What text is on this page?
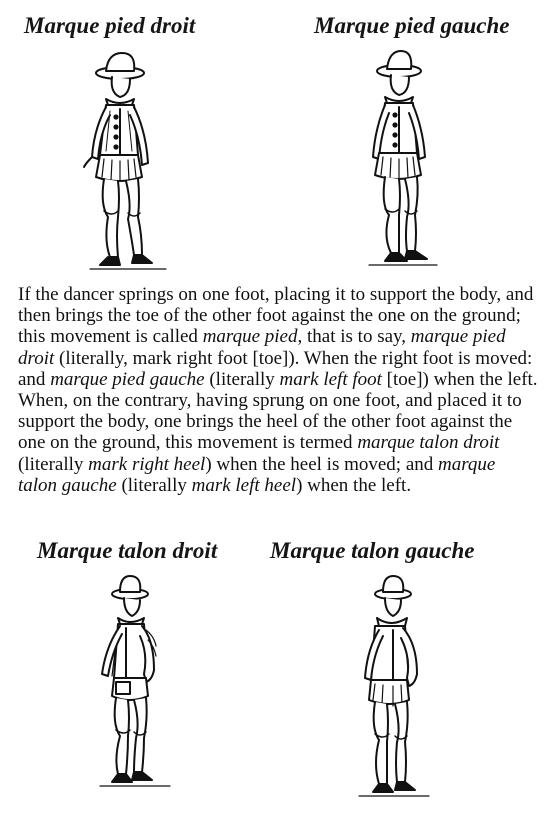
Marque pied droit	Marque pied gauche

If the dancer springs on one foot, placing it to support the body, and then brings the toe of the other foot against the one on the ground; this movement is called marque pied, that is to say, marque pied droit (literally, mark right foot [toe]). When the right foot is moved: and marque pied gauche (literally mark left foot [toe]) when the left. When, on the contrary, having sprung on one foot, and placed it to support the body, one brings the heel of the other foot against the one on the ground, this movement is termed marque talon droit (literally mark right heel) when the heel is moved; and marque talon gauche (literally mark left heel) when the left.

Marque talon droit Marque talon gauche
